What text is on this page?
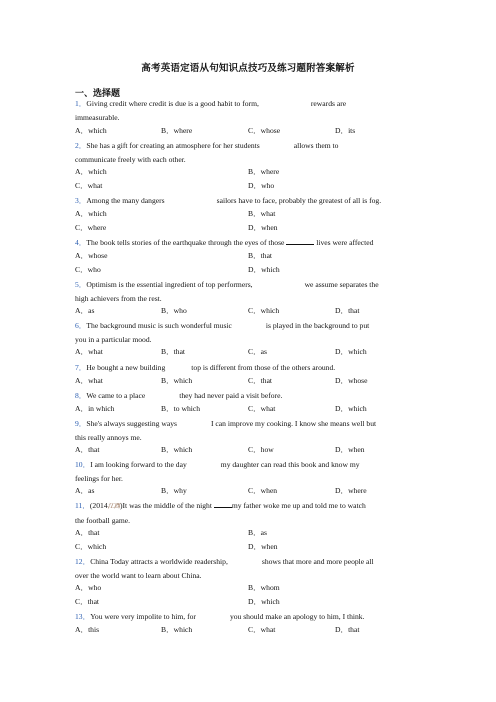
高考英语定语从句知识点技巧及练习题附答案解析
一、选择题
1．Giving credit where credit is due is a good habit to form,	rewards are
immeasurable.
A．which	B．where	C．whose	D．its
2．She has a gift for creating an atmosphere for her students	allows them to
communicate freely with each other.
A．which	B．where
C．what	D．who
3．Among the many dangers	sailors have to face, probably the greatest of all is fog.
A．which	B．what
C．where	D．when
4．The book tells stories of the earthquake through the eyes of those	lives were affected
A．whose	B．that
C．who	D．which
5．Optimism is the essential ingredient of top performers,	we assume separates the
high achievers from the rest.
A．as	B．who	C．which	D．that
6．The background music is such wonderful music	is played in the background to put
you in a particular mood.
A．what	B．that	C．as	D．which
7．He bought a new building	top is different from those of the others around.
A．what	B．which	C．that	D．whose
8．We came to a place	they had never paid a visit before.
A．in which	B．to which	C．what	D．which
9．She's always suggesting ways	I can improve my cooking. I know she means well but
this really annoys me.
A．that	B．which	C．how	D．when
10．I am looking forward to the day	my daughter can read this book and know my
feelings for her.
A．as	B．why	C．when	D．where
11．(2014江西)It was the middle of the night	my father woke me up and told me to watch
the football game.
A．that	B．as
C．which	D．when
12．China Today attracts a worldwide readership,	shows that more and more people all
over the world want to learn about China.
A．who	B．whom
C．that	D．which
13．You were very impolite to him, for	you should make an apology to him, I think.
A．this	B．which	C．what	D．that
